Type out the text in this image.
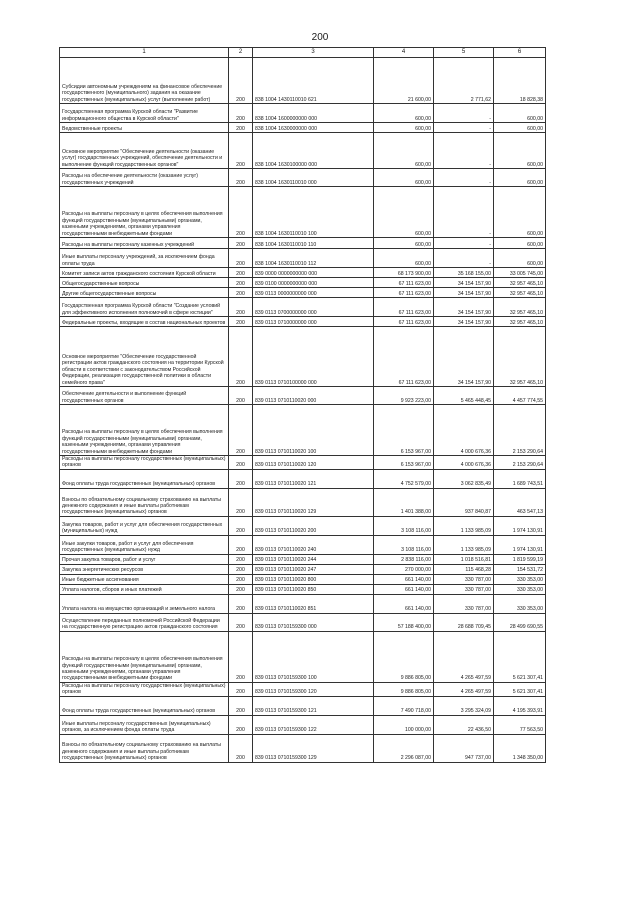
200
1	2	3	4	5	6
Субсидии автономным учреждениям на финансовое обеспечение государственного (муниципального) задания на оказание государственных (муниципальных) услуг (выполнение работ)	200	838 1004 1430110010 621	21 600,00	2 771,62	18 828,38
Государственная программа Курской области "Развитие информационного общества в Курской области"	200	838 1004 1600000000 000	600,00	-	600,00
Ведомственные проекты	200	838 1004 1630000000 000	600,00	-	600,00
Основное мероприятие "Обеспечение деятельности (оказание услуг) государственных учреждений, обеспечение деятельности и выполнение функций государственных органов"	200	838 1004 1630100000 000	600,00	-	600,00
Расходы на обеспечение деятельности (оказание услуг) государственных учреждений	200	838 1004 1630110010 000	600,00	-	600,00
Расходы на выплаты персоналу в целях обеспечения выполнения функций государственными (муниципальными) органами, казенными учреждениями, органами управления государственными внебюджетными фондами	200	838 1004 1630110010 100	600,00	-	600,00
Расходы на выплаты персоналу казенных учреждений	200	838 1004 1630110010 110	600,00	-	600,00
Иные выплаты персоналу учреждений, за исключением фонда оплаты труда	200	838 1004 1630110010 112	600,00	-	600,00
Комитет записи актов гражданского состояния Курской области	200	839 0000 0000000000 000	68 173 900,00	35 168 155,00	33 005 745,00
Общегосударственные вопросы	200	839 0100 0000000000 000	67 111 623,00	34 154 157,90	32 957 465,10
Другие общегосударственные вопросы	200	839 0113 0000000000 000	67 111 623,00	34 154 157,90	32 957 465,10
Государственная программа Курской области "Создание условий для эффективного исполнения полномочий в сфере юстиции"	200	839 0113 0700000000 000	67 111 623,00	34 154 157,90	32 957 465,10
Федеральные проекты, входящие в состав национальных проектов	200	839 0113 0710000000 000	67 111 623,00	34 154 157,90	32 957 465,10
Основное мероприятие "Обеспечение государственной регистрации актов гражданского состояния на территории Курской области в соответствии с законодательством Российской Федерации, реализация государственной политики в области семейного права"	200	839 0113 0710100000 000	67 111 623,00	34 154 157,90	32 957 465,10
Обеспечение деятельности и выполнение функций государственных органов	200	839 0113 0710110020 000	9 923 223,00	5 465 448,45	4 457 774,55
Расходы на выплаты персоналу в целях обеспечения выполнения функций государственными (муниципальными) органами, казенными учреждениями, органами управления государственными внебюджетными фондами	200	839 0113 0710110020 100	6 153 967,00	4 000 676,36	2 153 290,64
Расходы на выплаты персоналу государственных (муниципальных) органов	200	839 0113 0710110020 120	6 153 967,00	4 000 676,36	2 153 290,64
Фонд оплаты труда государственных (муниципальных) органов	200	839 0113 0710110020 121	4 752 579,00	3 062 835,49	1 689 743,51
Взносы по обязательному социальному страхованию на выплаты денежного содержания и иные выплаты работникам государственных (муниципальных) органов	200	839 0113 0710110020 129	1 401 388,00	937 840,87	463 547,13
Закупка товаров, работ и услуг для обеспечения государственных (муниципальных) нужд	200	839 0113 0710110020 200	3 108 116,00	1 133 985,09	1 974 130,91
Иные закупки товаров, работ и услуг для обеспечения государственных (муниципальных) нужд	200	839 0113 0710110020 240	3 108 116,00	1 133 985,09	1 974 130,91
Прочая закупка товаров, работ и услуг	200	839 0113 0710110020 244	2 838 116,00	1 018 516,81	1 819 599,19
Закупка энергетических ресурсов	200	839 0113 0710110020 247	270 000,00	115 468,28	154 531,72
Иные бюджетные ассигнования	200	839 0113 0710110020 800	661 140,00	330 787,00	330 353,00
Уплата налогов, сборов и иных платежей	200	839 0113 0710110020 850	661 140,00	330 787,00	330 353,00
Уплата налога на имущество организаций и земельного налога	200	839 0113 0710110020 851	661 140,00	330 787,00	330 353,00
Осуществление переданных полномочий Российской Федерации на государственную регистрацию актов гражданского состояния	200	839 0113 0710159300 000	57 188 400,00	28 688 709,45	28 499 690,55
Расходы на выплаты персоналу в целях обеспечения выполнения функций государственными (муниципальными) органами, казенными учреждениями, органами управления государственными внебюджетными фондами	200	839 0113 0710159300 100	9 886 805,00	4 265 497,59	5 621 307,41
Расходы на выплаты персоналу государственных (муниципальных) органов	200	839 0113 0710159300 120	9 886 805,00	4 265 497,59	5 621 307,41
Фонд оплаты труда государственных (муниципальных) органов	200	839 0113 0710159300 121	7 490 718,00	3 295 324,09	4 195 393,91
Иные выплаты персоналу государственных (муниципальных) органов, за исключением фонда оплаты труда	200	839 0113 0710159300 122	100 000,00	22 436,50	77 563,50
Взносы по обязательному социальному страхованию на выплаты денежного содержания и иные выплаты работникам государственных (муниципальных) органов	200	839 0113 0710159300 129	2 296 087,00	947 737,00	1 348 350,00
